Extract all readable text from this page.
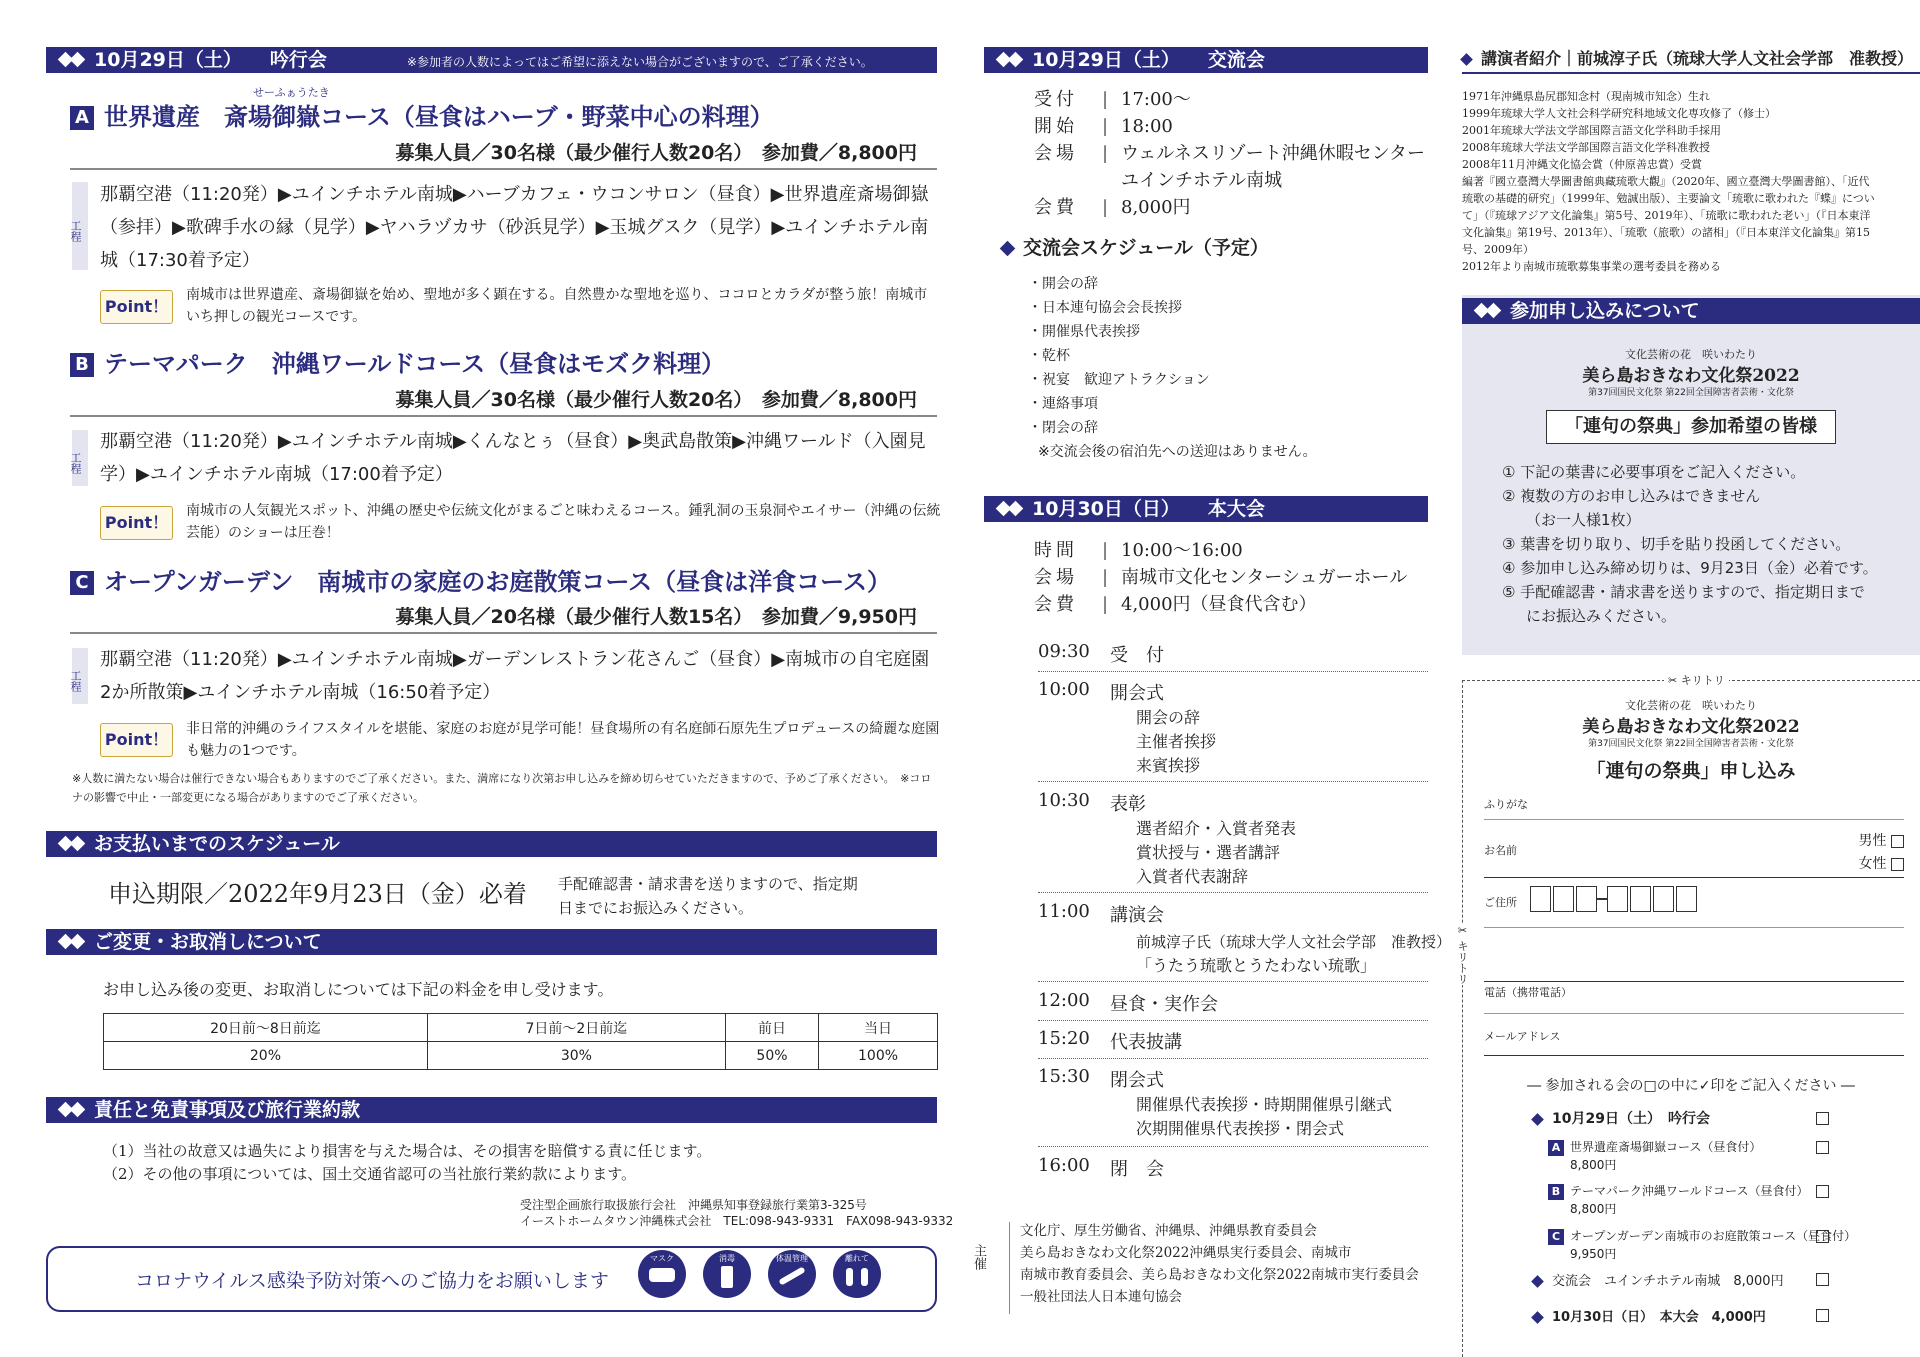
10月29日（土） 吟行会	※参加者の人数によってはご希望に添えない場合がございますので、ご了承ください。
せーふぁうたき
A 世界遺産　斎場御嶽コース（昼食はハーブ・野菜中心の料理）
募集人員／30名様（最少催行人数20名）　参加費／8,800円
工程
那覇空港（11:20発）▶ユインチホテル南城▶ハーブカフェ・ウコンサロン（昼食）▶世界遺産斎場御嶽（参拝）▶歌碑手水の縁（見学）▶ヤハラヅカサ（砂浜見学）▶玉城グスク（見学）▶ユインチホテル南城（17:30着予定）
Point！
南城市は世界遺産、斎場御嶽を始め、聖地が多く顕在する。自然豊かな聖地を巡り、ココロとカラダが整う旅！南城市いち押しの観光コースです。
B テーマパーク　沖縄ワールドコース（昼食はモズク料理）
募集人員／30名様（最少催行人数20名）　参加費／8,800円
工程
那覇空港（11:20発）▶ユインチホテル南城▶くんなとぅ（昼食）▶奥武島散策▶沖縄ワールド（入園見学）▶ユインチホテル南城（17:00着予定）
Point！
南城市の人気観光スポット、沖縄の歴史や伝統文化がまるごと味わえるコース。鍾乳洞の玉泉洞やエイサー（沖縄の伝統芸能）のショーは圧巻！
C オープンガーデン　南城市の家庭のお庭散策コース（昼食は洋食コース）
募集人員／20名様（最少催行人数15名）　参加費／9,950円
工程
那覇空港（11:20発）▶ユインチホテル南城▶ガーデンレストラン花さんご（昼食）▶南城市の自宅庭園2か所散策▶ユインチホテル南城（16:50着予定）
Point！
非日常的沖縄のライフスタイルを堪能、家庭のお庭が見学可能！昼食場所の有名庭師石原先生プロデュースの綺麗な庭園も魅力の1つです。
※人数に満たない場合は催行できない場合もありますのでご了承ください。また、満席になり次第お申し込みを締め切らせていただきますので、予めご了承ください。　※コロナの影響で中止・一部変更になる場合がありますのでご了承ください。
お支払いまでのスケジュール
申込期限／2022年9月23日（金）必着 手配確認書・請求書を送りますので、指定期日までにお振込みください。
ご変更・お取消しについて
お申し込み後の変更、お取消しについては下記の料金を申し受けます。
20日前〜8日前迄	7日前〜2日前迄	前日	当日
20%	30%	50%	100%
責任と免責事項及び旅行業約款
（1）当社の故意又は過失により損害を与えた場合は、その損害を賠償する責に任じます。
（2）その他の事項については、国土交通省認可の当社旅行業約款によります。
受注型企画旅行取扱旅行会社　沖縄県知事登録旅行業第3-325号
イーストホームタウン沖縄株式会社　TEL:098-943-9331　FAX098-943-9332
コロナウイルス感染予防対策へのご協力をお願いします
マスク	消毒	体温管理	離れて
10月29日（土） 交流会
受付 | 17:00〜
開始 | 18:00
会場 | ウェルネスリゾート沖縄休暇センター
ユインチホテル南城
会費 | 8,000円
交流会スケジュール（予定）
・開会の辞
・日本連句協会会長挨拶
・開催県代表挨拶
・乾杯
・祝宴　歓迎アトラクション
・連絡事項
・閉会の辞
※交流会後の宿泊先への送迎はありません。
10月30日（日） 本大会
時間 | 10:00〜16:00
会場 | 南城市文化センターシュガーホール
会費 | 4,000円（昼食代含む）
09:30 受　付
10:00 開会式
開会の辞
主催者挨拶
来賓挨拶
10:30 表彰
選者紹介・入賞者発表
賞状授与・選者講評
入賞者代表謝辞
11:00 講演会
前城淳子氏（琉球大学人文社会学部　准教授）
「うたう琉歌とうたわない琉歌」
12:00 昼食・実作会
15:20 代表披講
15:30 閉会式
開催県代表挨拶・時期開催県引継式
次期開催県代表挨拶・閉会式
16:00 閉　会
主催
文化庁、厚生労働省、沖縄県、沖縄県教育委員会
美ら島おきなわ文化祭2022沖縄県実行委員会、南城市
南城市教育委員会、美ら島おきなわ文化祭2022南城市実行委員会
一般社団法人日本連句協会
講演者紹介｜前城淳子氏（琉球大学人文社会学部　准教授）
1971年沖縄県島尻郡知念村（現南城市知念）生れ
1999年琉球大学人文社会科学研究科地域文化専攻修了（修士）
2001年琉球大学法文学部国際言語文化学科助手採用
2008年琉球大学法文学部国際言語文化学科准教授
2008年11月沖縄文化協会賞（仲原善忠賞）受賞
編著『國立臺灣大學圖書館典藏琉歌大觀』（2020年、國立臺灣大學圖書館）、「近代琉歌の基礎的研究」（1999年、勉誠出版）、主要論文「琉歌に歌われた『蝶』について」（『琉球アジア文化論集』第5号、2019年）、「琉歌に歌われた老い」（『日本東洋文化論集』第19号、2013年）、「琉歌（旅歌）の諸相」（『日本東洋文化論集』第15号、2009年）
2012年より南城市琉歌募集事業の選考委員を務める
参加申し込みについて
文化芸術の花　咲いわたり
美ら島おきなわ文化祭2022
第37回国民文化祭 第22回全国障害者芸術・文化祭
「連句の祭典」参加希望の皆様
① 下記の葉書に必要事項をご記入ください。
② 複数の方のお申し込みはできません
（お一人様1枚）
③ 葉書を切り取り、切手を貼り投函してください。
④ 参加申し込み締め切りは、9月23日（金）必着です。
⑤ 手配確認書・請求書を送りますので、指定期日まで
にお振込みください。
✂ キリトリ
✂ キリトリ
文化芸術の花　咲いわたり
美ら島おきなわ文化祭2022
第37回国民文化祭 第22回全国障害者芸術・文化祭
「連句の祭典」申し込み
ふりがな
お名前
男性
女性
ご住所
電話（携帯電話）
メールアドレス
― 参加される会の□の中に✓印をご記入ください ―
10月29日（土）　吟行会
A 世界遺産斎場御嶽コース（昼食付）
8,800円
B テーマパーク沖縄ワールドコース（昼食付）
8,800円
C オープンガーデン南城市のお庭散策コース（昼食付）
9,950円
交流会　ユインチホテル南城　8,000円
10月30日（日）　本大会　4,000円
